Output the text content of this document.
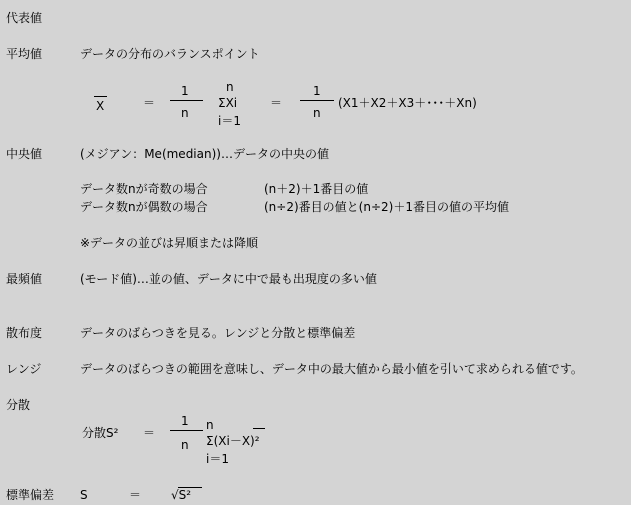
代表値
平均値	データの分布のバランスポイント
X	＝
1
n
n
ΣXi
i＝1
＝
1
n
(X1＋X2＋X3＋･･･＋Xn)
中央値	(メジアン：Me(median))…データの中央の値
データ数nが奇数の場合	(n＋2)＋1番目の値
データ数nが偶数の場合	(n÷2)番目の値と(n÷2)＋1番目の値の平均値
※データの並びは昇順または降順
最頻値	(モード値)…並の値、データに中で最も出現度の多い値
散布度	データのばらつきを見る。レンジと分散と標準偏差
レンジ	データのばらつきの範囲を意味し、データ中の最大値から最小値を引いて求められる値です。
分散
分散S² ＝
1
n
n
Σ(Xi－X)²
i＝1
標準偏差 S	＝ √S²
